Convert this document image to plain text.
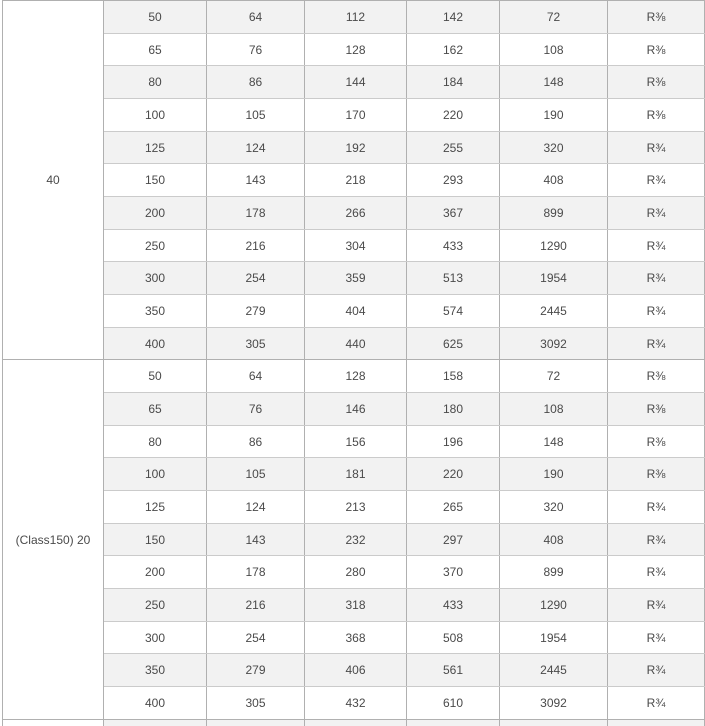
40	50	64	112	142	72	R⅜
	65	76	128	162	108	R⅜
	80	86	144	184	148	R⅜
	100	105	170	220	190	R⅜
	125	124	192	255	320	R¾
	150	143	218	293	408	R¾
	200	178	266	367	899	R¾
	250	216	304	433	1290	R¾
	300	254	359	513	1954	R¾
	350	279	404	574	2445	R¾
	400	305	440	625	3092	R¾
(Class150) 20	50	64	128	158	72	R⅜
	65	76	146	180	108	R⅜
	80	86	156	196	148	R⅜
	100	105	181	220	190	R⅜
	125	124	213	265	320	R¾
	150	143	232	297	408	R¾
	200	178	280	370	899	R¾
	250	216	318	433	1290	R¾
	300	254	368	508	1954	R¾
	350	279	406	561	2445	R¾
	400	305	432	610	3092	R¾
